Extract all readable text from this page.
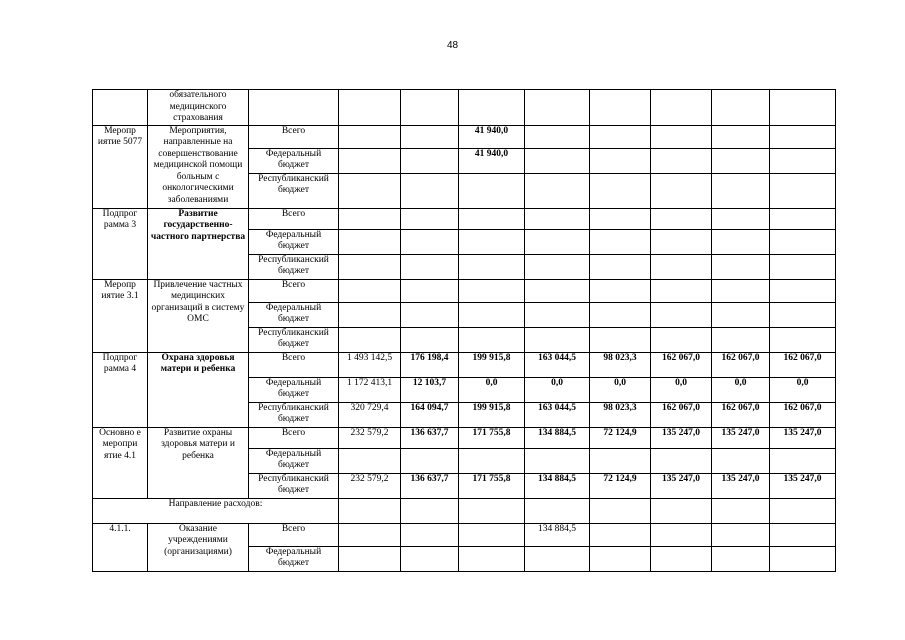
48
	обязательного медицинского страхования									
Меропр иятие 5077	Мероприятия, направленные на совершенствование медицинской помощи больным с онкологическими заболеваниями	Всего			41 940,0					
		Федеральный бюджет			41 940,0					
		Республиканский бюджет								
Подпрог рамма 3	Развитие государственно-частного партнерства	Всего								
		Федеральный бюджет								
		Республиканский бюджет								
Меропр иятие 3.1	Привлечение частных медицинских организаций в систему ОМС	Всего								
		Федеральный бюджет								
		Республиканский бюджет								
Подпрог рамма 4	Охрана здоровья матери и ребенка	Всего	1 493 142,5	176 198,4	199 915,8	163 044,5	98 023,3	162 067,0	162 067,0	162 067,0
		Федеральный бюджет	1 172 413,1	12 103,7	0,0	0,0	0,0	0,0	0,0	0,0
		Республиканский бюджет	320 729,4	164 094,7	199 915,8	163 044,5	98 023,3	162 067,0	162 067,0	162 067,0
Основно е меропри ятие 4.1	Развитие охраны здоровья матери и ребенка	Всего	232 579,2	136 637,7	171 755,8	134 884,5	72 124,9	135 247,0	135 247,0	135 247,0
		Федеральный бюджет								
		Республиканский бюджет	232 579,2	136 637,7	171 755,8	134 884,5	72 124,9	135 247,0	135 247,0	135 247,0
Направление расходов:										
4.1.1.	Оказание учреждениями (организациями)	Всего				134 884,5				
		Федеральный бюджет								
